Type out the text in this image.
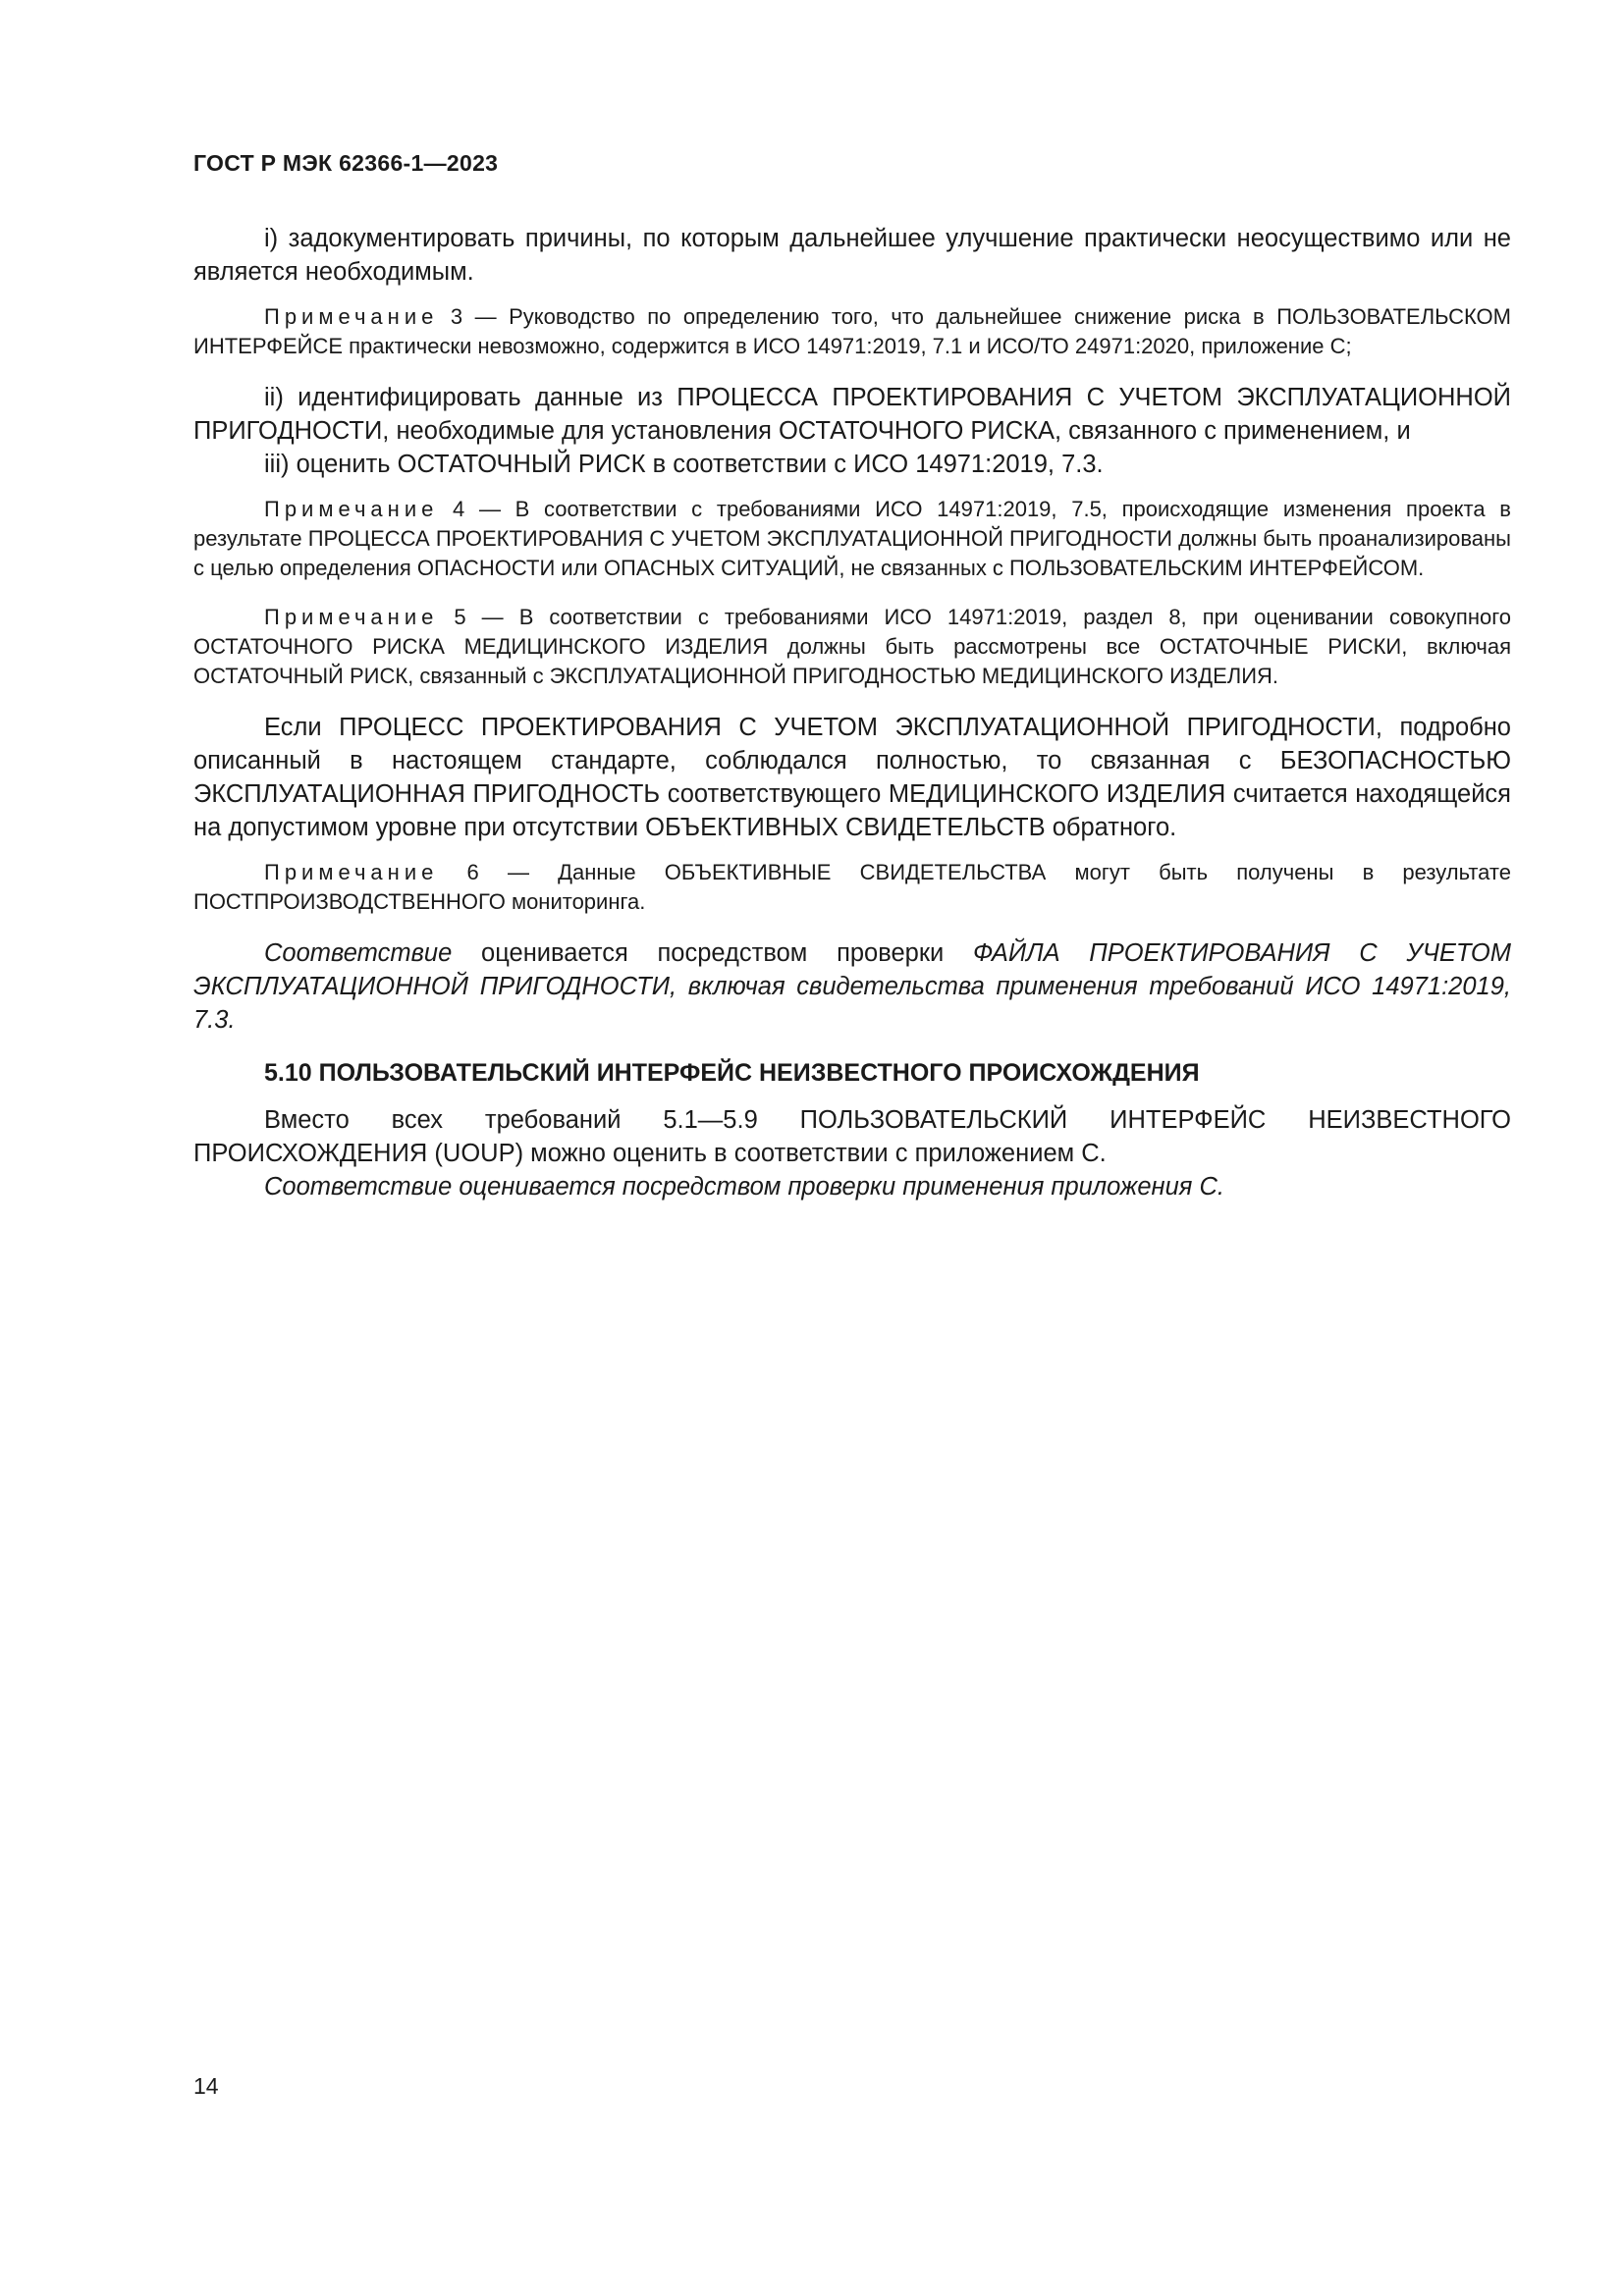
ГОСТ Р МЭК 62366-1—2023

i) задокументировать причины, по которым дальнейшее улучшение практически неосуществимо или не является необходимым.

Примечание 3 — Руководство по определению того, что дальнейшее снижение риска в ПОЛЬЗОВАТЕЛЬСКОМ ИНТЕРФЕЙСЕ практически невозможно, содержится в ИСО 14971:2019, 7.1 и ИСО/ТО 24971:2020, приложение С;

ii) идентифицировать данные из ПРОЦЕССА ПРОЕКТИРОВАНИЯ С УЧЕТОМ ЭКСПЛУАТАЦИОННОЙ ПРИГОДНОСТИ, необходимые для установления ОСТАТОЧНОГО РИСКА, связанного с применением, и

iii) оценить ОСТАТОЧНЫЙ РИСК в соответствии с ИСО 14971:2019, 7.3.

Примечание 4 — В соответствии с требованиями ИСО 14971:2019, 7.5, происходящие изменения проекта в результате ПРОЦЕССА ПРОЕКТИРОВАНИЯ С УЧЕТОМ ЭКСПЛУАТАЦИОННОЙ ПРИГОДНОСТИ должны быть проанализированы с целью определения ОПАСНОСТИ или ОПАСНЫХ СИТУАЦИЙ, не связанных с ПОЛЬЗОВАТЕЛЬСКИМ ИНТЕРФЕЙСОМ.

Примечание 5 — В соответствии с требованиями ИСО 14971:2019, раздел 8, при оценивании совокупного ОСТАТОЧНОГО РИСКА МЕДИЦИНСКОГО ИЗДЕЛИЯ должны быть рассмотрены все ОСТАТОЧНЫЕ РИСКИ, включая ОСТАТОЧНЫЙ РИСК, связанный с ЭКСПЛУАТАЦИОННОЙ ПРИГОДНОСТЬЮ МЕДИЦИНСКОГО ИЗДЕЛИЯ.

Если ПРОЦЕСС ПРОЕКТИРОВАНИЯ С УЧЕТОМ ЭКСПЛУАТАЦИОННОЙ ПРИГОДНОСТИ, подробно описанный в настоящем стандарте, соблюдался полностью, то связанная с БЕЗОПАСНОСТЬЮ ЭКСПЛУАТАЦИОННАЯ ПРИГОДНОСТЬ соответствующего МЕДИЦИНСКОГО ИЗДЕЛИЯ считается находящейся на допустимом уровне при отсутствии ОБЪЕКТИВНЫХ СВИДЕТЕЛЬСТВ обратного.

Примечание 6 — Данные ОБЪЕКТИВНЫЕ СВИДЕТЕЛЬСТВА могут быть получены в результате ПОСТПРОИЗВОДСТВЕННОГО мониторинга.

Соответствие оценивается посредством проверки ФАЙЛА ПРОЕКТИРОВАНИЯ С УЧЕТОМ ЭКСПЛУАТАЦИОННОЙ ПРИГОДНОСТИ, включая свидетельства применения требований ИСО 14971:2019, 7.3.

5.10 ПОЛЬЗОВАТЕЛЬСКИЙ ИНТЕРФЕЙС НЕИЗВЕСТНОГО ПРОИСХОЖДЕНИЯ

Вместо всех требований 5.1—5.9 ПОЛЬЗОВАТЕЛЬСКИЙ ИНТЕРФЕЙС НЕИЗВЕСТНОГО ПРОИСХОЖДЕНИЯ (UOUP) можно оценить в соответствии с приложением С.

Соответствие оценивается посредством проверки применения приложения С.

14
